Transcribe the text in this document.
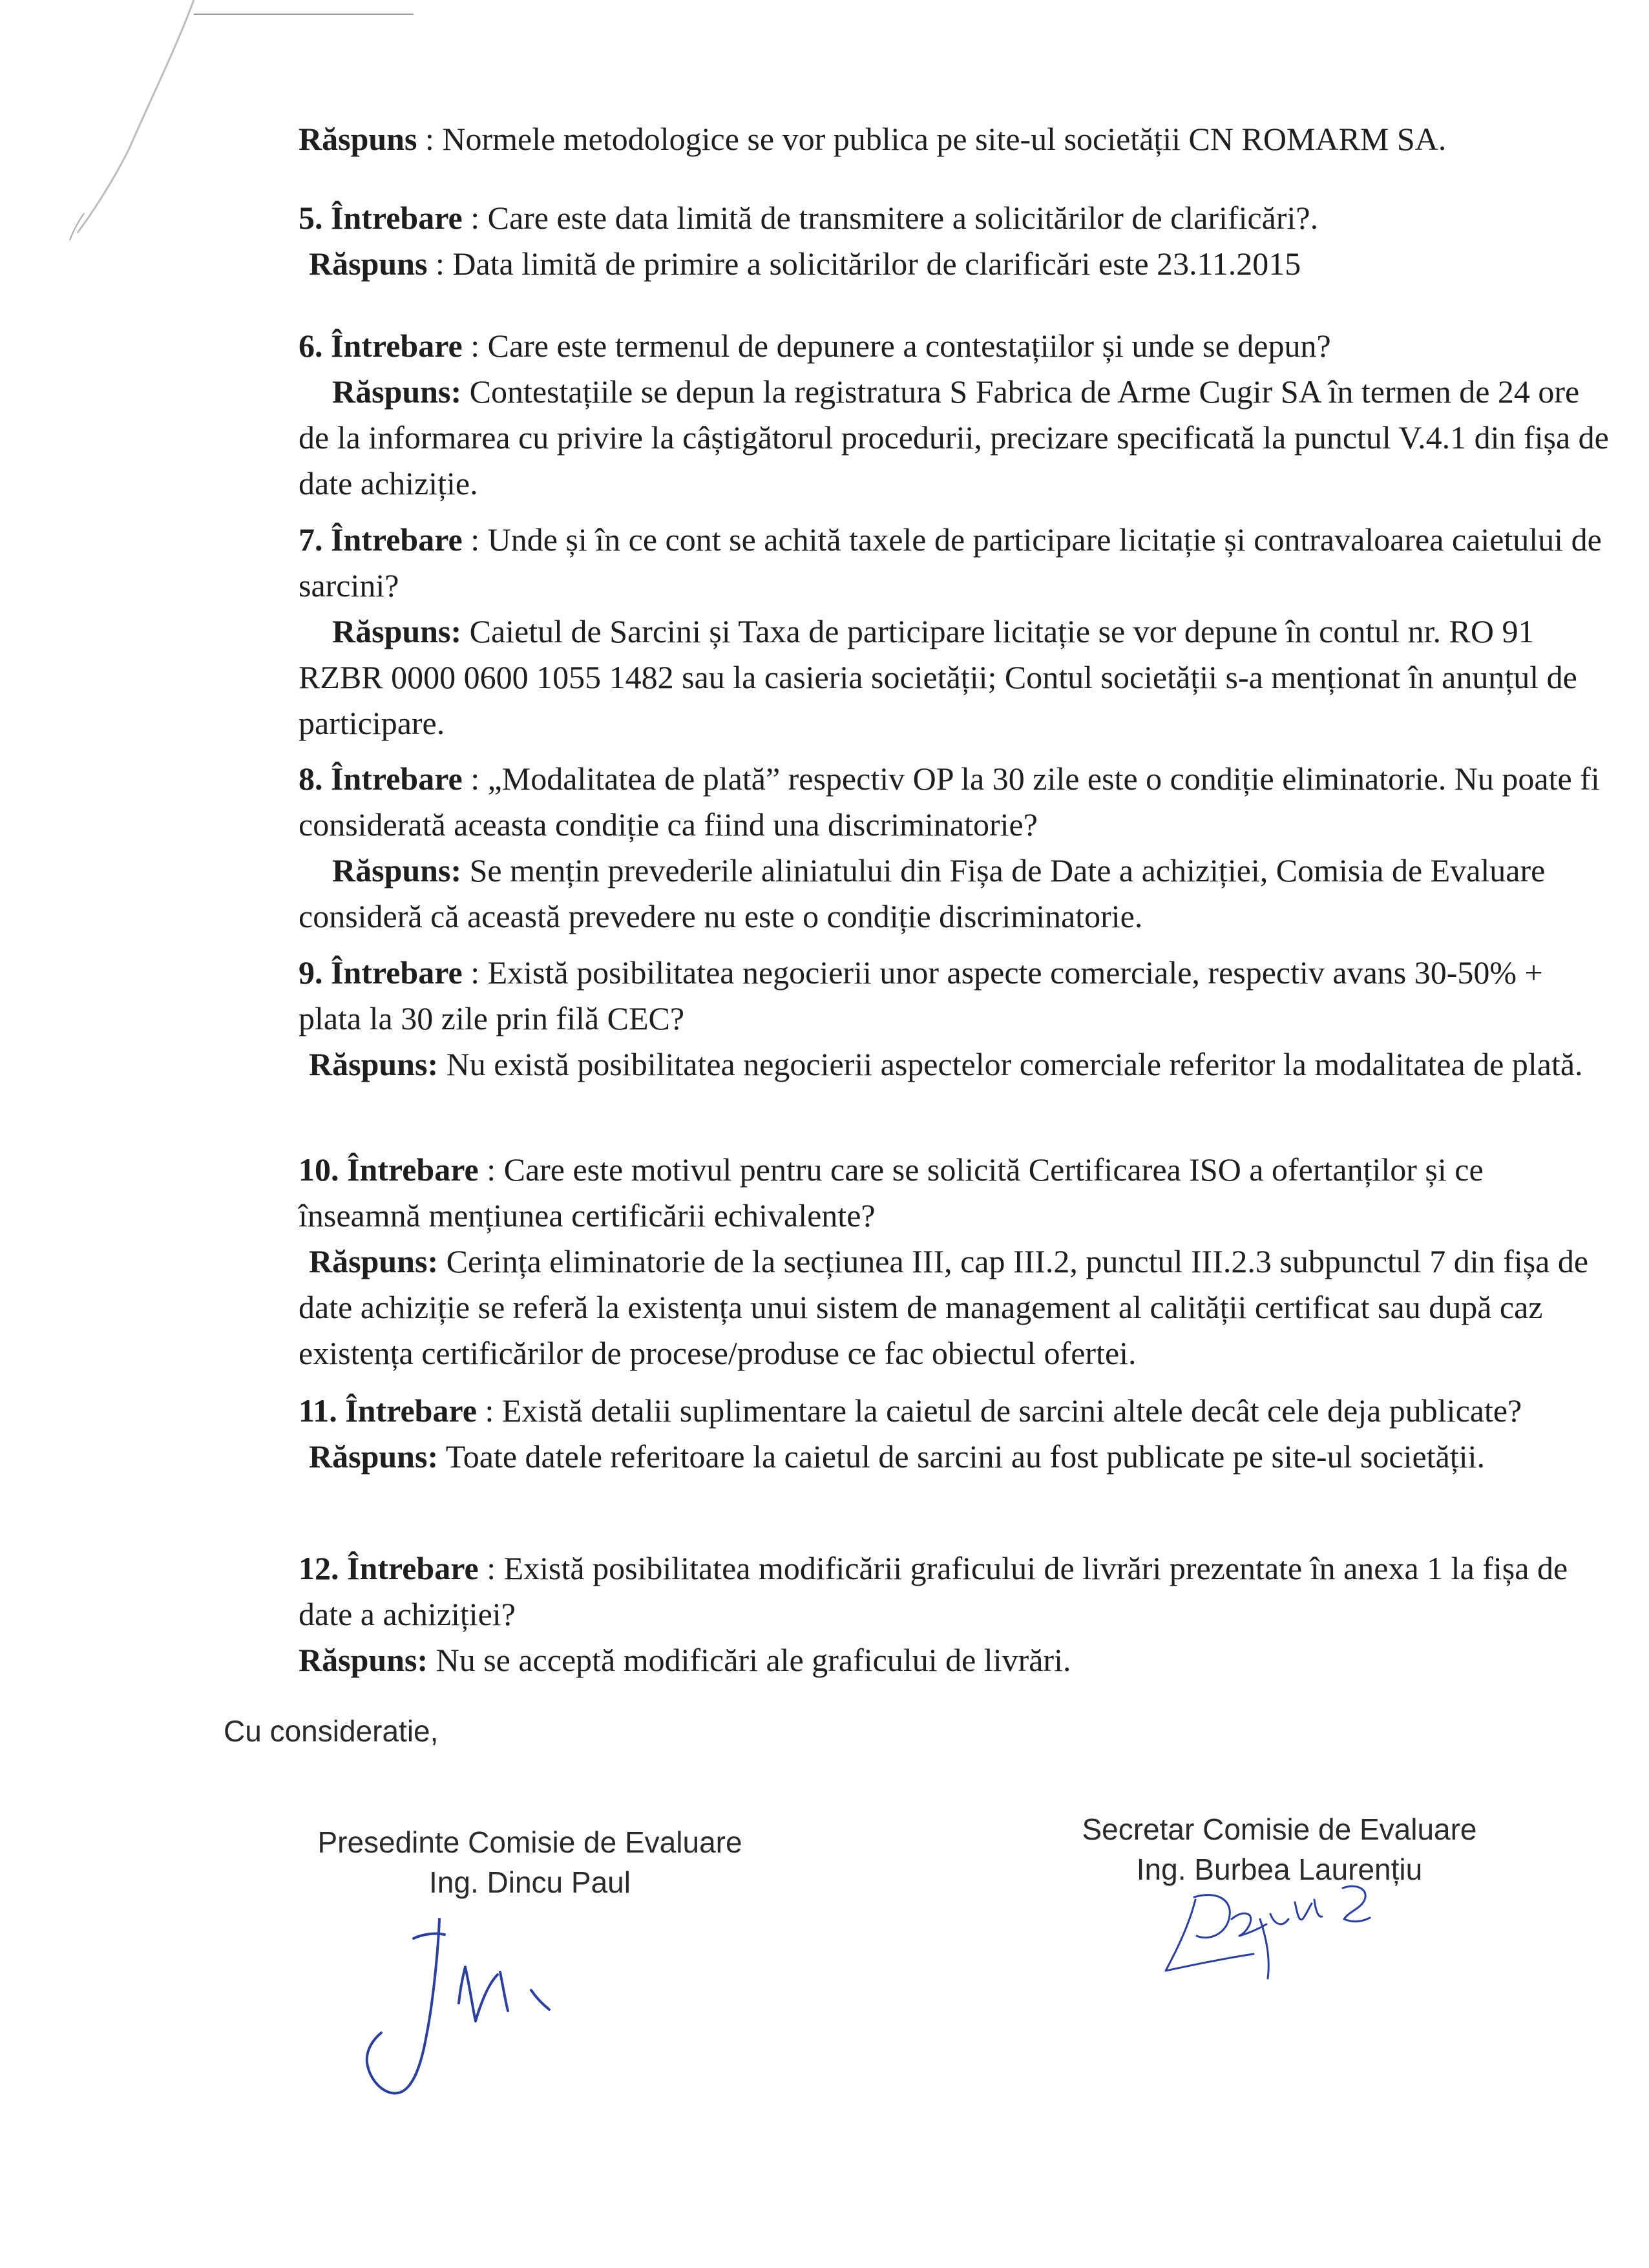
Răspuns : Normele metodologice se vor publica pe site-ul societății CN ROMARM SA.

5. Întrebare : Care este data limită de transmitere a solicitărilor de clarificări?.

Răspuns : Data limită de primire a solicitărilor de clarificări este 23.11.2015

6. Întrebare : Care este termenul de depunere a contestațiilor și unde se depun?

Răspuns: Contestațiile se depun la registratura S Fabrica de Arme Cugir SA în termen de 24 ore de la informarea cu privire la câștigătorul procedurii, precizare specificată la punctul V.4.1 din fișa de date achiziție.

7. Întrebare : Unde și în ce cont se achită taxele de participare licitație și contravaloarea caietului de sarcini?

Răspuns: Caietul de Sarcini și Taxa de participare licitație se vor depune în contul nr. RO 91 RZBR 0000 0600 1055 1482 sau la casieria societății; Contul societății s-a menționat în anunțul de participare.

8. Întrebare : „Modalitatea de plată” respectiv OP la 30 zile este o condiție eliminatorie. Nu poate fi considerată aceasta condiție ca fiind una discriminatorie?

Răspuns: Se mențin prevederile aliniatului din Fișa de Date a achiziției, Comisia de Evaluare consideră că această prevedere nu este o condiție discriminatorie.

9. Întrebare : Există posibilitatea negocierii unor aspecte comerciale, respectiv avans 30-50% + plata la 30 zile prin filă CEC?

Răspuns: Nu există posibilitatea negocierii aspectelor comerciale referitor la modalitatea de plată.

10. Întrebare : Care este motivul pentru care se solicită Certificarea ISO a ofertanților și ce înseamnă mențiunea certificării echivalente?

Răspuns: Cerința eliminatorie de la secțiunea III, cap III.2, punctul III.2.3 subpunctul 7 din fișa de date achiziție se referă la existența unui sistem de management al calității certificat sau după caz existența certificărilor de procese/produse ce fac obiectul ofertei.

11. Întrebare : Există detalii suplimentare la caietul de sarcini altele decât cele deja publicate?

Răspuns: Toate datele referitoare la caietul de sarcini au fost publicate pe site-ul societății.

12. Întrebare : Există posibilitatea modificării graficului de livrări prezentate în anexa 1 la fișa de date a achiziției?

Răspuns: Nu se acceptă modificări ale graficului de livrări.

Cu consideratie,

Presedinte Comisie de Evaluare

Ing. Dincu Paul

Secretar Comisie de Evaluare

Ing. Burbea Laurențiu
